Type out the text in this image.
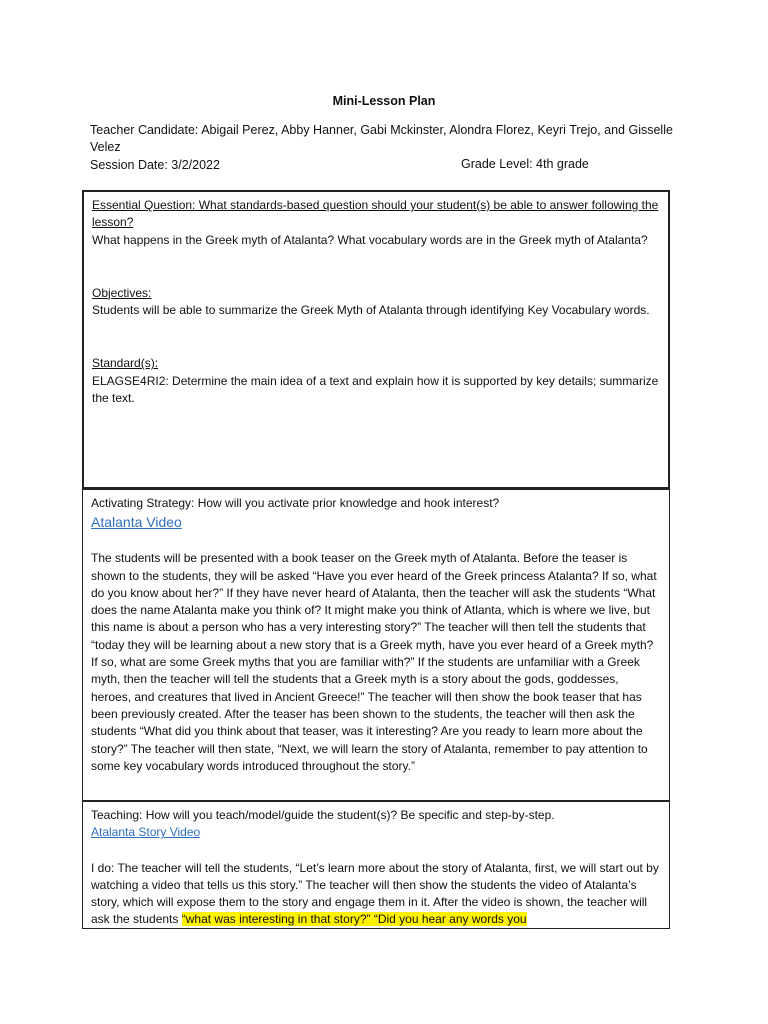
Mini-Lesson Plan
Teacher Candidate: Abigail Perez, Abby Hanner, Gabi Mckinster, Alondra Florez, Keyri Trejo, and Gisselle Velez
Session Date: 3/2/2022	Grade Level: 4th grade

Essential Question: What standards-based question should your student(s) be able to answer following the lesson?

What happens in the Greek myth of Atalanta? What vocabulary words are in the Greek myth of Atalanta?

Objectives:

Students will be able to summarize the Greek Myth of Atalanta through identifying Key Vocabulary words.

Standard(s):

ELAGSE4RI2: Determine the main idea of a text and explain how it is supported by key details; summarize the text.

Activating Strategy: How will you activate prior knowledge and hook interest?

Atalanta Video

The students will be presented with a book teaser on the Greek myth of Atalanta. Before the teaser is shown to the students, they will be asked “Have you ever heard of the Greek princess Atalanta? If so, what do you know about her?” If they have never heard of Atalanta, then the teacher will ask the students “What does the name Atalanta make you think of? It might make you think of Atlanta, which is where we live, but this name is about a person who has a very interesting story?” The teacher will then tell the students that “today they will be learning about a new story that is a Greek myth, have you ever heard of a Greek myth? If so, what are some Greek myths that you are familiar with?” If the students are unfamiliar with a Greek myth, then the teacher will tell the students that a Greek myth is a story about the gods, goddesses, heroes, and creatures that lived in Ancient Greece!” The teacher will then show the book teaser that has been previously created. After the teaser has been shown to the students, the teacher will then ask the students “What did you think about that teaser, was it interesting? Are you ready to learn more about the story?” The teacher will then state, “Next, we will learn the story of Atalanta, remember to pay attention to some key vocabulary words introduced throughout the story.”

Teaching: How will you teach/model/guide the student(s)? Be specific and step-by-step.

Atalanta Story Video

I do: The teacher will tell the students, “Let’s learn more about the story of Atalanta, first, we will start out by watching a video that tells us this story.” The teacher will then show the students the video of Atalanta’s story, which will expose them to the story and engage them in it. After the video is shown, the teacher will ask the students “what was interesting in that story?” “Did you hear any words you
